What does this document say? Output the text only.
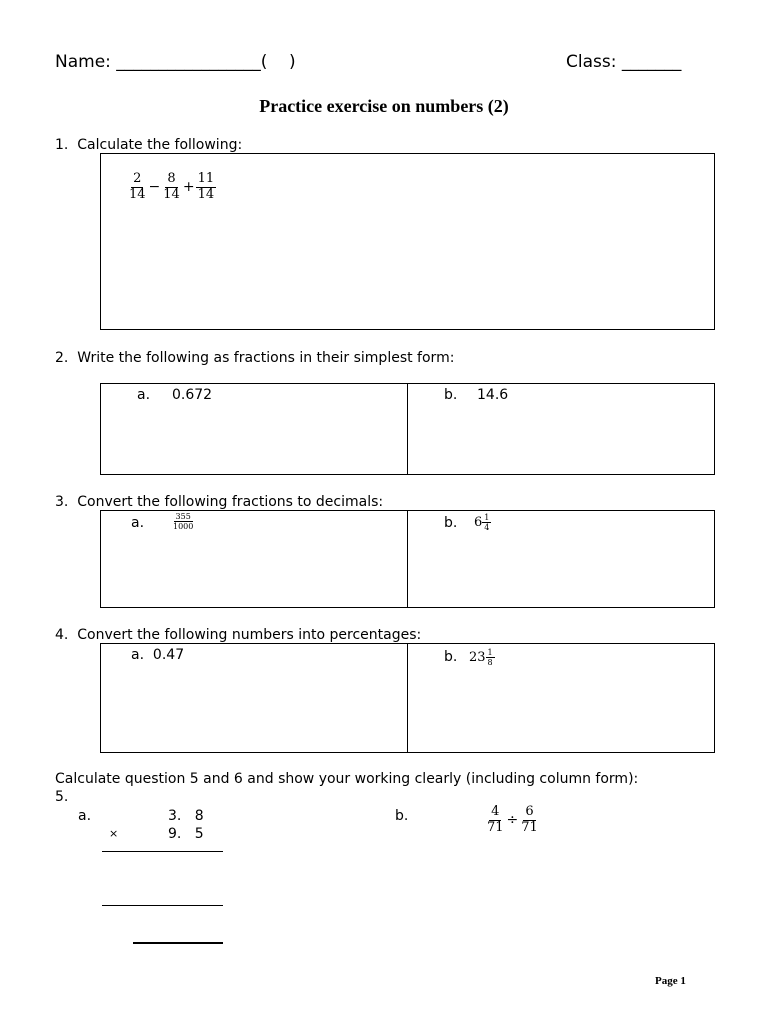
Name: _________________(    )	Class: _______
Practice exercise on numbers (2)
1.  Calculate the following:
$\frac{2}{14} - \frac{8}{14} + \frac{11}{14}$
2.  Write the following as fractions in their simplest form:
a. 0.672	b. 14.6
3.  Convert the following fractions to decimals:
a.	$\frac{355}{1000}$	b. $6 \frac{1}{4}$
4.  Convert the following numbers into percentages:
a.  0.47	b. $23 \frac{1}{8}$
Calculate question 5 and 6 and show your working clearly (including column form):
5.
a.	3.   8
×	9.   5
b.	$\frac{4}{71} \div \frac{6}{71}$
Page 1
